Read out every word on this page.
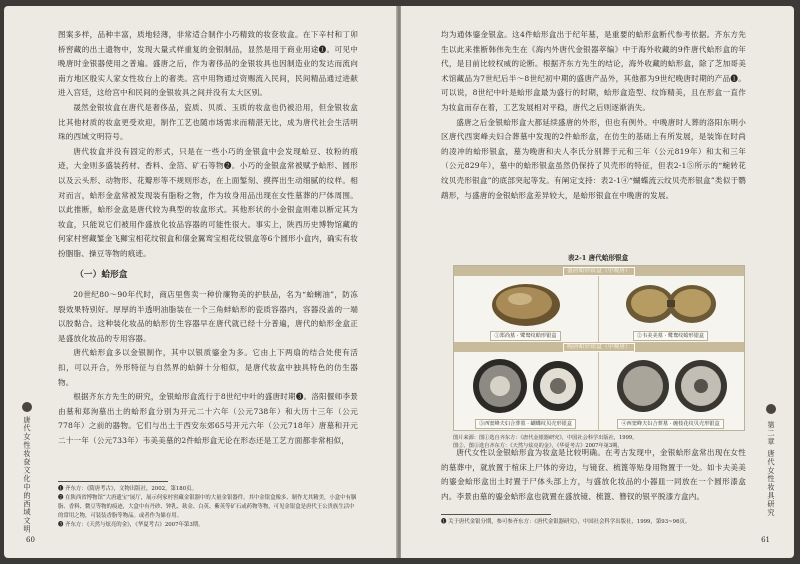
图案多样，品种丰富，质地轻薄，非常适合制作小巧精致的妆奁妆盒。在下辛村和丁卯桥窖藏的出土遗物中，发现大量式样重复的金银制品，显然是用于商业用途❶。可见中晚唐时金银器使用之普遍。盛唐之后，作为奢侈品的金银妆具也因制造业的发达而流向南方地区殷实人家女性妆台上的奢类。宫中用物通过资赐流入民间，民间精品通过进献进入宫廷，这给宫中和民间的金银妆具之间并没有太大区别。

晟然金银妆盒在唐代是奢侈品，瓷质、贝质、玉质的妆盒也仍被沿用，但金银妆盒比其他材质的妆盒更受欢迎，制作工艺也随市场需求而精湛无比，成为唐代社会生活明珠的西域文明符号。

唐代妆盒并没有固定的形式，只是在一些小巧的金银盒中会发现蛤豆、妆粉的痕迹，大金则多盛装药材、香料、金箔、矿石等物❷。小巧的金银盒常被赋予蛤形、圆形以及云头形、动物形、花瓣形等不规则形态，在上面錾刻、摸挥出生动细腻的纹样。相对而言，蛤形金盒常被发现装有脂粉之物，作为妆身用品出现在女性墓葬的尸体周围。以此推断，蛤形金盒是唐代较为典型的妆盒形式。其他形状的小金银盒则难以断定其为妆盒，只能说它们被用作盛放化妆品容器的可能性很大。事实上，陕西历史博物馆藏的何家村窖藏錾金飞狮宝相花纹银盒和僖金翼鸾宝相花纹银盒等6个圆形小盒内，确实有妆扮胭脂、操豆等物的痕迹。

（一）蛤形盒

20世纪80～90年代时，商店里售卖一种价廉物美的护肤品，名为“蛤蜊油”，防冻裂效果特别好。厚厚的半透明油脂装在一个三角蚌蛤形的瓷质容器内，容器没盖的一端以胶黏合。这种装化妆品的蛤形仿生容器早在唐代就已经十分普遍，唐代的蛤形金盒正是盛放化妆品的专用容器。

唐代蛤形盒多以金银制作，其中以银质鎏金为多。它由上下两扇的结合处使有活扣，可以开合，外形特征与自然界的蛤鲜十分相似，是唐代妆盒中独具特色的仿生器物。

根据齐东方先生的研究，金银蛤形盒流行于8世纪中叶的盛唐时期❸。洛阳偃师李景由墓和郑洵墓出土的蛤形盒分别为开元二十六年（公元738年）和大历十三年（公元778年）之前的器物。它们与出土于西安东郊65号开元六年（公元718年）唐墓和开元二十一年（公元733年）韦美美墓的2件蛤形盒无论在形态还是工艺方面都非常相似，

❶ 齐东方：《隋唐考古》，文物出版社，2002，第180页。
❷ 在陕西省博物馆“大唐遗宝”展厅，展示何家村窖藏金银器中的大量金银器件，其中金银盒像多、制作尤其精美，小盒中有胭脂、香料、微豆等物的痕迹，大盒中有丹砂、钟乳、麸金、白英、紫英等矿石或药物等物，可见金银盒是唐代王公贵族生活中的常用之物，可装装香脂等物品。或者作为储存用。
❸ 齐东方：《天然与炫亮的金》，《华夏考古》2007年第3期。
唐代女性妆奁文化中的西域文明
60

均为通体鎏金银盒。这4件蛤形盒出于纪年墓，是重要的蛤形盒断代参考依据。齐东方先生以此来推断韩伟先生在《海内外唐代金银器萃编》中于海外收藏的9件唐代蛤形盒的年代，是目前比较权威的论断。根据齐东方先生的结论，海外收藏的蛤形盒，除了芝加哥美术馆藏品为7世纪后半～8世纪初中期的盛唐产品外，其他都为9世纪晚唐时期的产品❶。可以说，8世纪中叶是蛤形盒最为盛行的时期，蛤形盒造型、纹饰精美，且在形盒一直作为妆盒而存在着，工艺发展相对平稳，唐代之后则逐渐消失。

盛唐之后金银蛤形盒大都延续盛唐的外形，但也有例外。中晚唐时人葬的洛阳东明小区唐代西窦峰夫妇合葬墓中发现的2件蛤形盒，在仿生的基础上有所发展，是装饰在时尚的凌冲的蛤形银盒，墓为晚唐和夫人李氏分别葬于元和三年（公元819年）和太和三年（公元829年），墓中的蛤形银盒虽然仍保持了贝壳形的特征，但表2-1⑤所示的“蜿转花纹贝壳形银盒”的底部突起等发。有阐定支持：表2-1④“蝴蝶流云纹贝壳形银盒”类似于鹦鹉形，与盛唐的金银蛤形盒差异较大，是蛤形银盒在中晚唐的发展。

表2-1 唐代蛤形银盒
盛唐蛤形银盒（中晚唐）
①郑尚墓 · 鹭鸯纹蛤形银盒	②韦美美墓 · 鹭鸯纹蛤形银盒
晚唐蛤形银盒（中晚唐）
③西窦峰夫妇合葬墓 · 蝴蝶纹贝壳形银盒	④西窦峰夫妇合葬墓 · 缠枝花纹贝壳形银盒
图片来源：图①选自齐东方：《唐代金银器研究》，中国社会科学出版社，1999。
图②、图③选自齐东方：《天然与炫亮的金》，《华夏考古》2007年第3期。

唐代女性以金银蛤形盒为妆盒是比较明确。在考古发现中，金银蛤形盒常出现在女性的墓葬中，就放置于棺床上尸体的旁边，与镜奁、梳篦等贴身用物置于一处。如卡夫美美的鎏金蛤形盒出土时置于尸体头部上方，与盛放化妆品的小器皿一同放在一个圆形漆盒内。李景由墓的鎏金蛤形盒也就置在盛放镜、梳篦、簪钗的银平脱漆方盒内。

❶ 关于唐代金银分期，参可参齐东方：《唐代金银器研究》，中国社会科学出版社，1999，第93~96页。
第二章 唐代女性妆具研究
61
